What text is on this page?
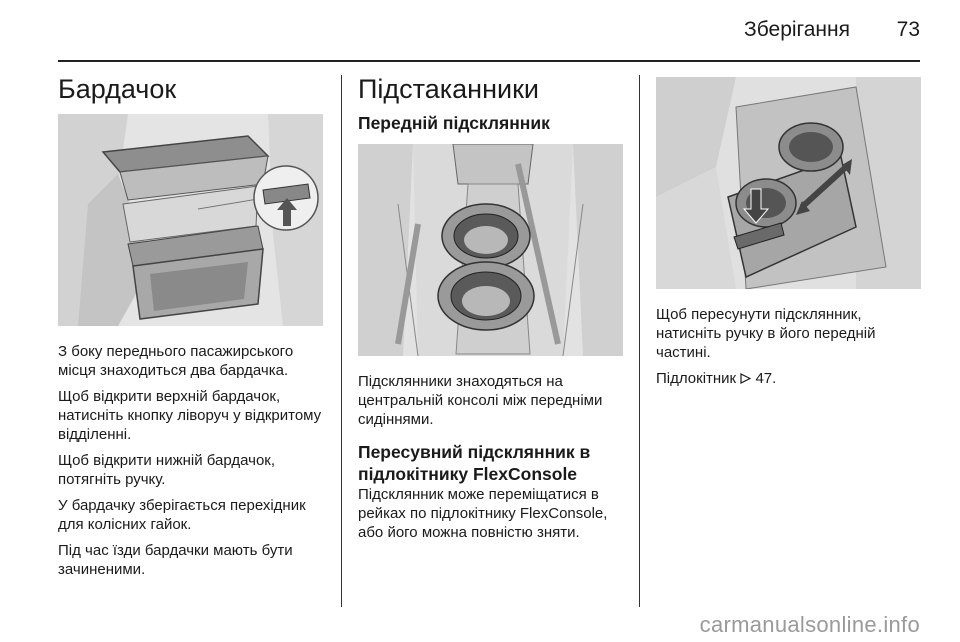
Зберігання 73
Бардачок

З боку переднього пасажирського місця знаходиться два бардачка.

Щоб відкрити верхній бардачок, натисніть кнопку ліворуч у відкритому відділенні.

Щоб відкрити нижній бардачок, потягніть ручку.

У бардачку зберігається перехідник для колісних гайок.

Під час їзди бардачки мають бути зачиненими.

Підстаканники
Передній підсклянник

Підсклянники знаходяться на центральній консолі між передніми сидіннями.

Пересувний підсклянник в підлокітнику FlexConsole

Підсклянник може переміщатися в рейках по підлокітнику FlexConsole, або його можна повністю зняти.

Щоб пересунути підсклянник, натисніть ручку в його передній частині.

Підлокітник 47.

carmanualsonline.info
